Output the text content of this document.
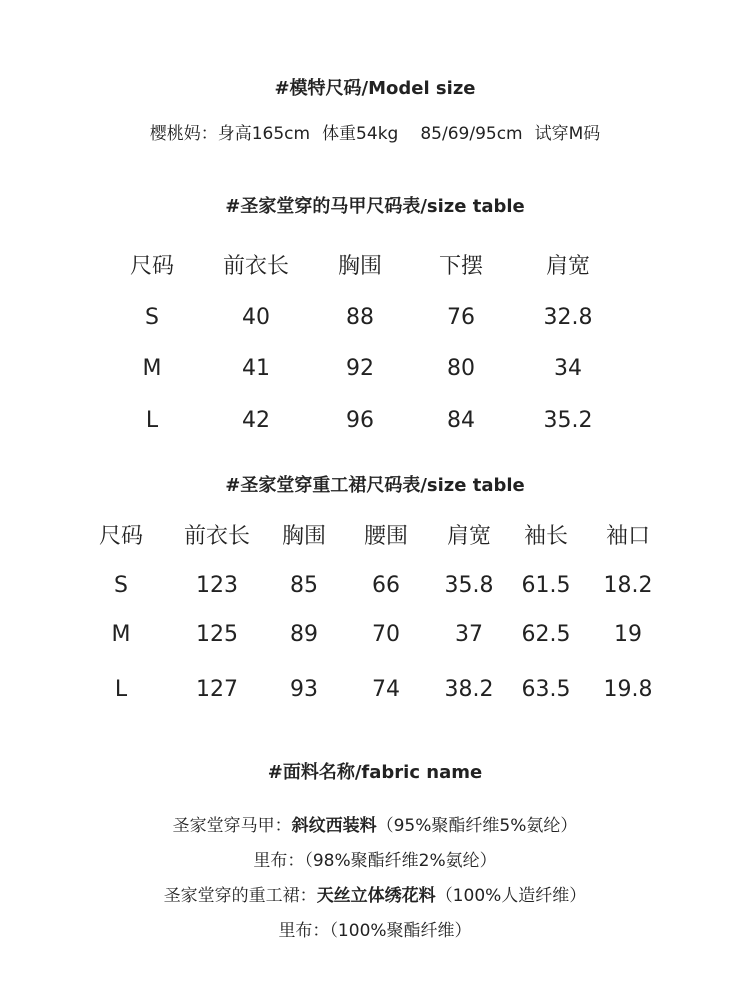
#模特尺码/Model size
樱桃妈：身高165cm 体重54kg 85/69/95cm 试穿M码
#圣家堂穿的马甲尺码表/size table
尺码 前衣长 胸围	下摆	肩宽
S	40	88	76	32.8
M	41	92	80	34
L	42	96	84	35.2
#圣家堂穿重工裙尺码表/size table
尺码 前衣长 胸围 腰围 肩宽 袖长 袖口
S	123 85 66 35.8 61.5 18.2
M	125 89 70	37 62.5 19
L	127 93 74 38.2 63.5 19.8
#面料名称/fabric name
圣家堂穿马甲：斜纹西装料（95%聚酯纤维5%氨纶）
里布：（98%聚酯纤维2%氨纶）
圣家堂穿的重工裙：天丝立体绣花料（100%人造纤维）
里布：（100%聚酯纤维）
